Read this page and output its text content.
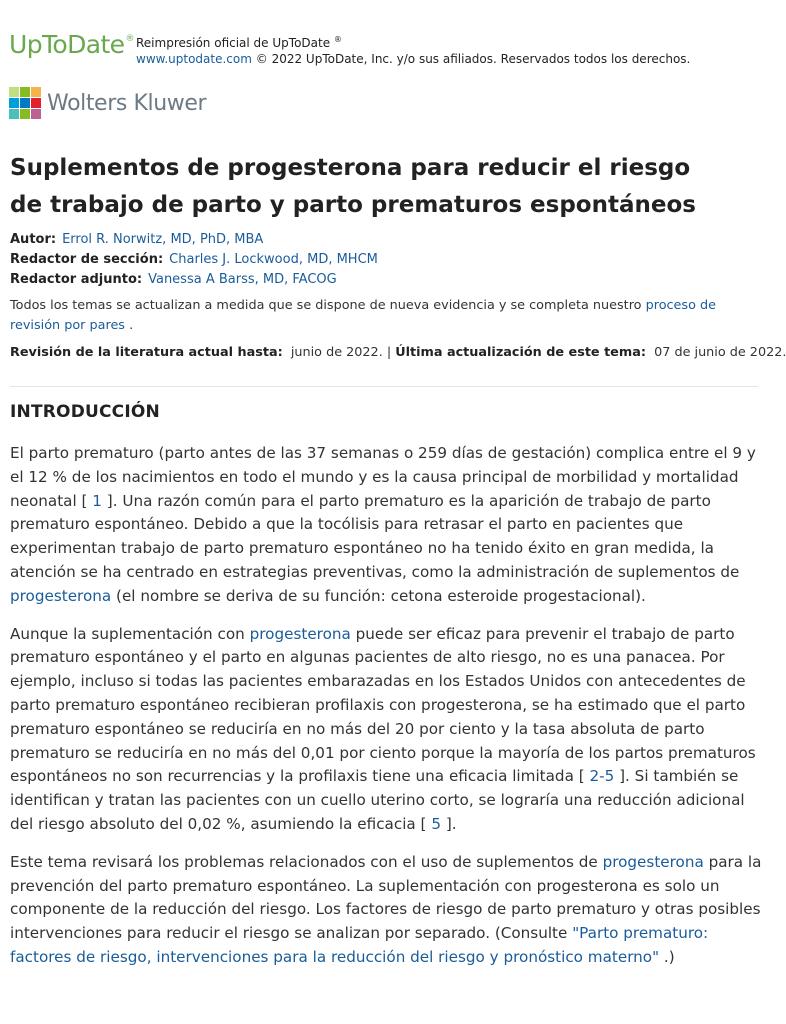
UpToDate® Reimpresión oficial de UpToDate ®
www.uptodate.com © 2022 UpToDate, Inc. y/o sus afiliados. Reservados todos los derechos.
Wolters Kluwer
Suplementos de progesterona para reducir el riesgo de trabajo de parto y parto prematuros espontáneos
Autor: Errol R. Norwitz, MD, PhD, MBA
Redactor de sección: Charles J. Lockwood, MD, MHCM
Redactor adjunto: Vanessa A Barss, MD, FACOG
Todos los temas se actualizan a medida que se dispone de nueva evidencia y se completa nuestro proceso de revisión por pares .
Revisión de la literatura actual hasta: junio de 2022. | Última actualización de este tema: 07 de junio de 2022.
INTRODUCCIÓN

El parto prematuro (parto antes de las 37 semanas o 259 días de gestación) complica entre el 9 y el 12 % de los nacimientos en todo el mundo y es la causa principal de morbilidad y mortalidad neonatal [ 1 ]. Una razón común para el parto prematuro es la aparición de trabajo de parto prematuro espontáneo. Debido a que la tocólisis para retrasar el parto en pacientes que experimentan trabajo de parto prematuro espontáneo no ha tenido éxito en gran medida, la atención se ha centrado en estrategias preventivas, como la administración de suplementos de progesterona (el nombre se deriva de su función: cetona esteroide progestacional).

Aunque la suplementación con progesterona puede ser eficaz para prevenir el trabajo de parto prematuro espontáneo y el parto en algunas pacientes de alto riesgo, no es una panacea. Por ejemplo, incluso si todas las pacientes embarazadas en los Estados Unidos con antecedentes de parto prematuro espontáneo recibieran profilaxis con progesterona, se ha estimado que el parto prematuro espontáneo se reduciría en no más del 20 por ciento y la tasa absoluta de parto prematuro se reduciría en no más del 0,01 por ciento porque la mayoría de los partos prematuros espontáneos no son recurrencias y la profilaxis tiene una eficacia limitada [ 2-5 ]. Si también se identifican y tratan las pacientes con un cuello uterino corto, se lograría una reducción adicional del riesgo absoluto del 0,02 %, asumiendo la eficacia [ 5 ].

Este tema revisará los problemas relacionados con el uso de suplementos de progesterona para la prevención del parto prematuro espontáneo. La suplementación con progesterona es solo un componente de la reducción del riesgo. Los factores de riesgo de parto prematuro y otras posibles intervenciones para reducir el riesgo se analizan por separado. (Consulte "Parto prematuro: factores de riesgo, intervenciones para la reducción del riesgo y pronóstico materno" .)
